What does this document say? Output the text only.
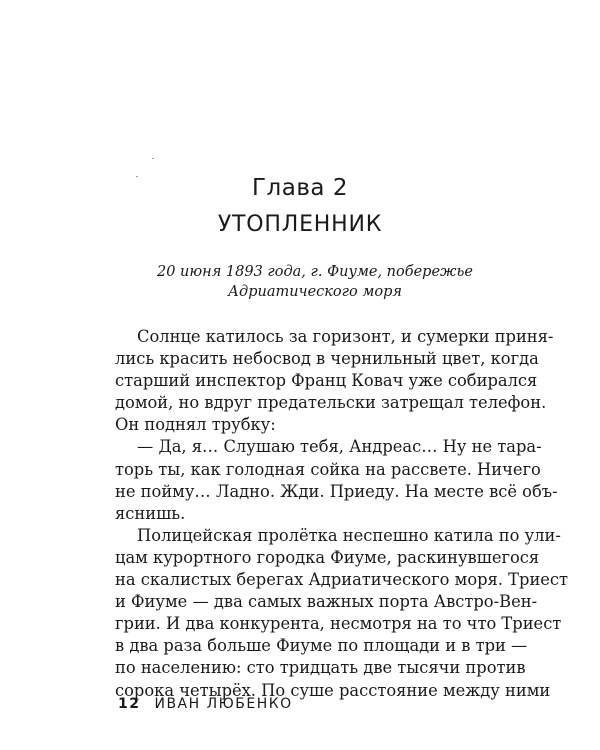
Глава 2
УТОПЛЕННИК
20 июня 1893 года, г. Фиуме, побережье
Адриатического моря
Солнце катилось за горизонт, и сумерки приня-
лись красить небосвод в чернильный цвет, когда
старший инспектор Франц Ковач уже собирался
домой, но вдруг предательски затрещал телефон.
Он поднял трубку:
— Да, я… Слушаю тебя, Андреас… Ну не тара-
торь ты, как голодная сойка на рассвете. Ничего
не пойму… Ладно. Жди. Приеду. На месте всё объ-
яснишь.
Полицейская пролётка неспешно катила по ули-
цам курортного городка Фиуме, раскинувшегося
на скалистых берегах Адриатического моря. Триест
и Фиуме — два самых важных порта Австро-Вен-
грии. И два конкурента, несмотря на то что Триест
в два раза больше Фиуме по площади и в три —
по населению: сто тридцать две тысячи против
сорока четырёх. По суше расстояние между ними
12 ИВАН ЛЮБЕНКО
